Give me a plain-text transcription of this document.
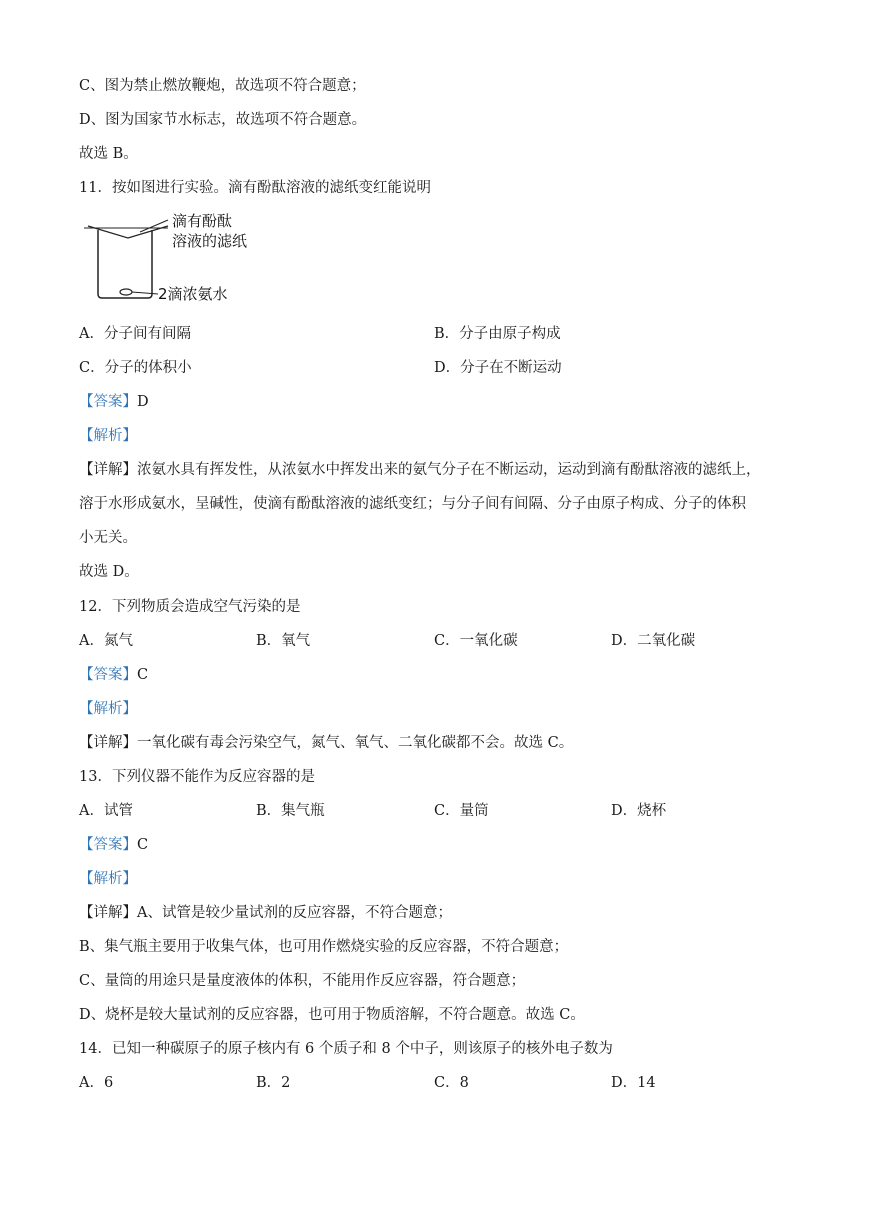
C、图为禁止燃放鞭炮，故选项不符合题意；
D、图为国家节水标志，故选项不符合题意。
故选 B。
11．按如图进行实验。滴有酚酞溶液的滤纸变红能说明
滴有酚酞
溶液的滤纸
2滴浓氨水
A．分子间有间隔	B．分子由原子构成
C．分子的体积小	D．分子在不断运动
【答案】D
【解析】
【详解】浓氨水具有挥发性，从浓氨水中挥发出来的氨气分子在不断运动，运动到滴有酚酞溶液的滤纸上，
溶于水形成氨水，呈碱性，使滴有酚酞溶液的滤纸变红；与分子间有间隔、分子由原子构成、分子的体积
小无关。
故选 D。
12．下列物质会造成空气污染的是
A．氮气	B．氧气	C．一氧化碳	D．二氧化碳
【答案】C
【解析】
【详解】一氧化碳有毒会污染空气，氮气、氧气、二氧化碳都不会。故选 C。
13．下列仪器不能作为反应容器的是
A．试管	B．集气瓶	C．量筒	D．烧杯
【答案】C
【解析】
【详解】A、试管是较少量试剂的反应容器，不符合题意；
B、集气瓶主要用于收集气体，也可用作燃烧实验的反应容器，不符合题意；
C、量筒的用途只是量度液体的体积，不能用作反应容器，符合题意；
D、烧杯是较大量试剂的反应容器，也可用于物质溶解，不符合题意。故选 C。
14．已知一种碳原子的原子核内有 6 个质子和 8 个中子，则该原子的核外电子数为
A．6	B．2	C．8	D．14
